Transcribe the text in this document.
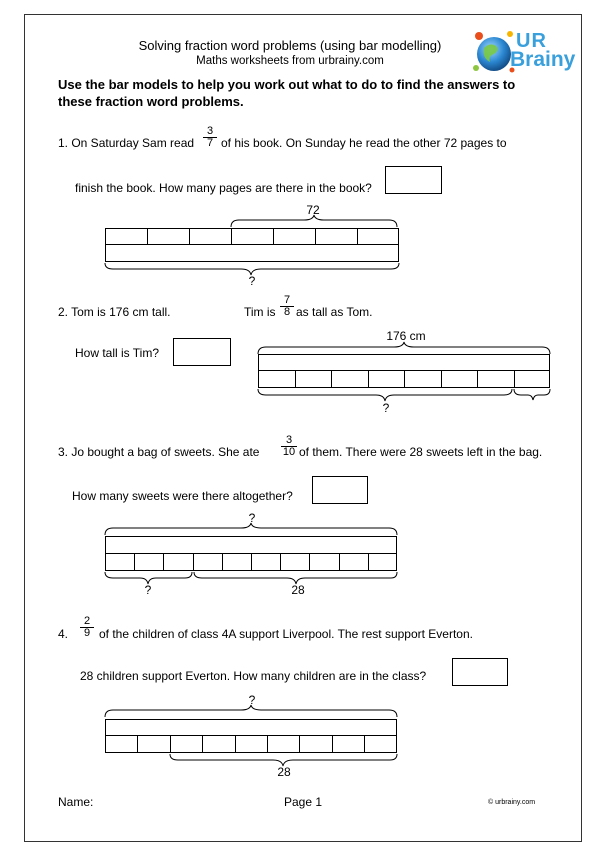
Solving fraction word problems (using bar modelling)
Maths worksheets from urbrainy.com
UR
Brainy
Use the bar models to help you work out what to do to find the answers to these fraction word problems.
1. On Saturday Sam read $\frac{3}{7}$ of his book. On Sunday he read the other 72 pages to
finish the book. How many pages are there in the book?
72
?
2. Tom is 176 cm tall.	Tim is $\frac{7}{8}$ as tall as Tom.
How tall is Tim?
176 cm
?
3. Jo bought a bag of sweets. She ate $\frac{3}{10}$ of them. There were 28 sweets left in the bag.
How many sweets were there altogether?
?
?	28
4. $\frac{2}{9}$ of the children of class 4A support Liverpool. The rest support Everton.
28 children support Everton. How many children are in the class?
?
28
Name:	Page 1	© urbrainy.com
